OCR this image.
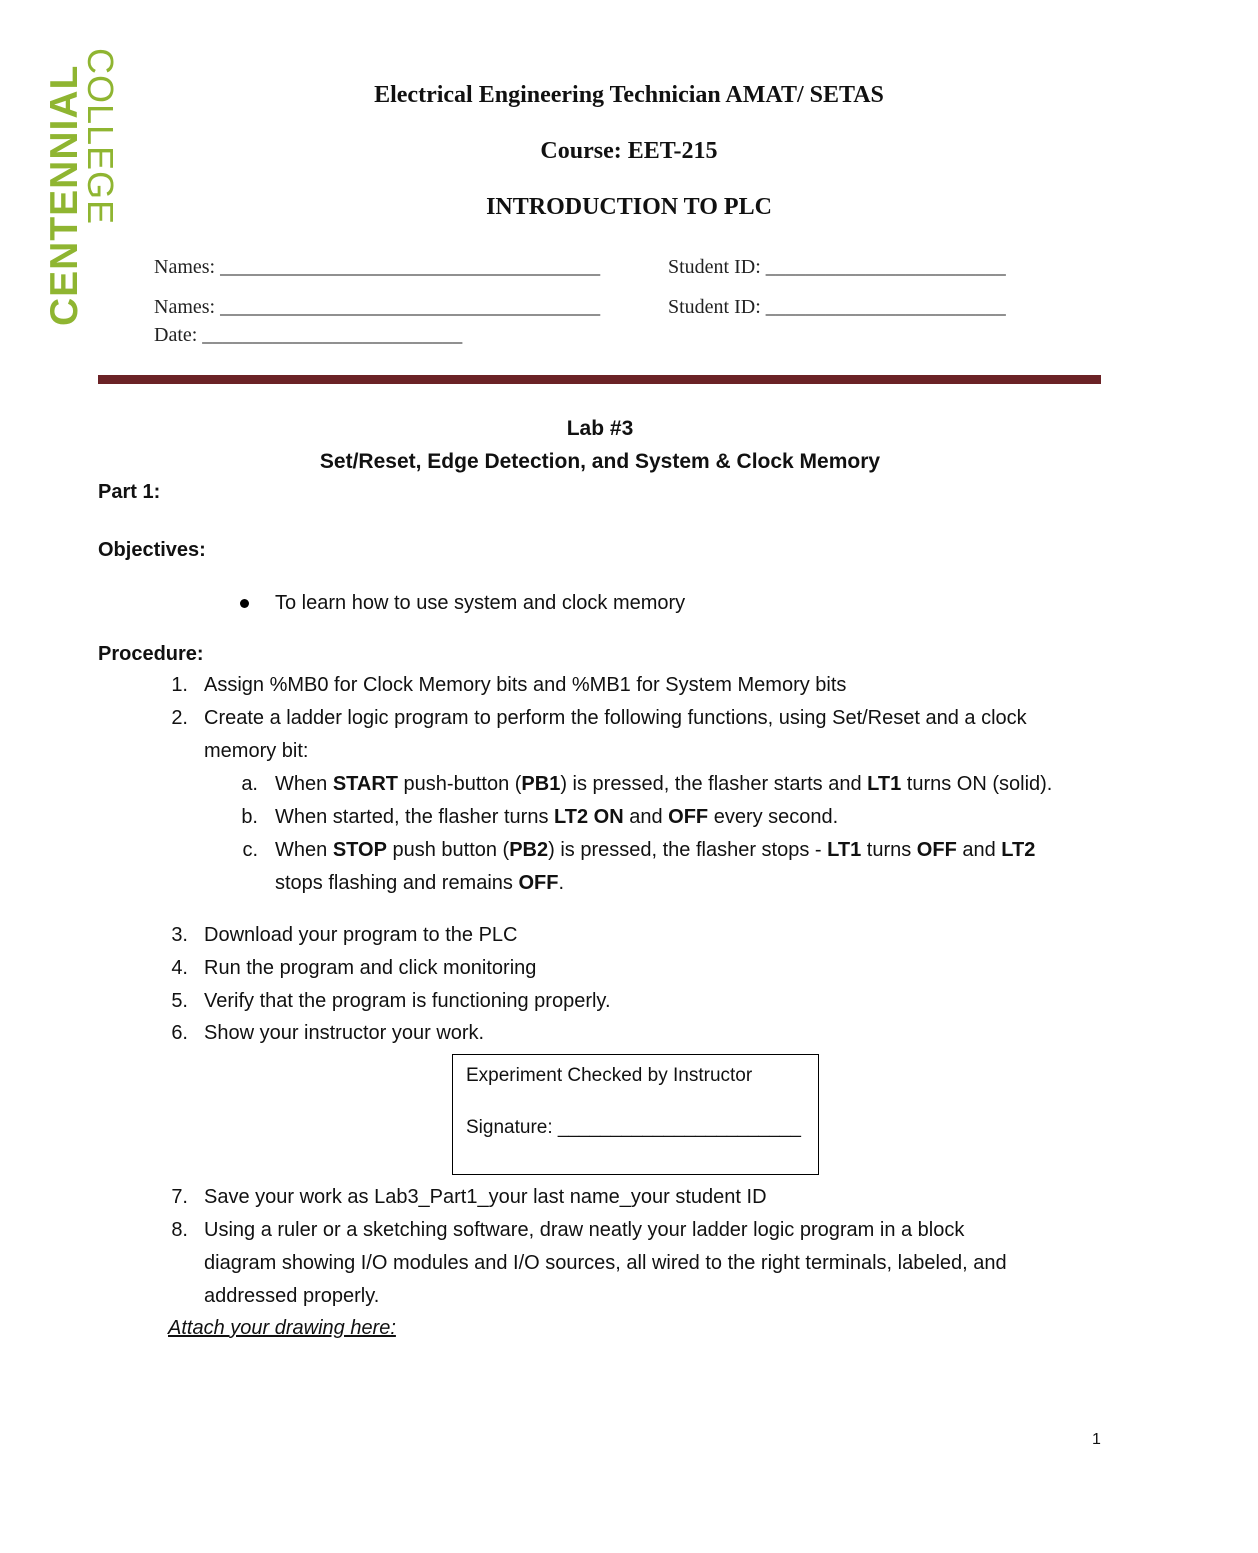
CENTENNIAL
COLLEGE	Electrical Engineering Technician AMAT/ SETAS
Course: EET-215
INTRODUCTION TO PLC
Names: ______________________________________	Student ID: ________________________
Names: ______________________________________	Student ID: ________________________
Date: __________________________
Lab #3
Set/Reset, Edge Detection, and System & Clock Memory
Part 1:
Objectives:
To learn how to use system and clock memory
Procedure:
1. Assign %MB0 for Clock Memory bits and %MB1 for System Memory bits
2. Create a ladder logic program to perform the following functions, using Set/Reset and a clock
memory bit:
a. When START push-button (PB1) is pressed, the flasher starts and LT1 turns ON (solid).
b. When started, the flasher turns LT2 ON and OFF every second.
c. When STOP push button (PB2) is pressed, the flasher stops - LT1 turns OFF and LT2
stops flashing and remains OFF.
3. Download your program to the PLC
4. Run the program and click monitoring
5. Verify that the program is functioning properly.
6. Show your instructor your work.
Experiment Checked by Instructor
Signature: _______________________
7. Save your work as Lab3_Part1_your last name_your student ID
8. Using a ruler or a sketching software, draw neatly your ladder logic program in a block
diagram showing I/O modules and I/O sources, all wired to the right terminals, labeled, and
addressed properly.
Attach your drawing here:
1
